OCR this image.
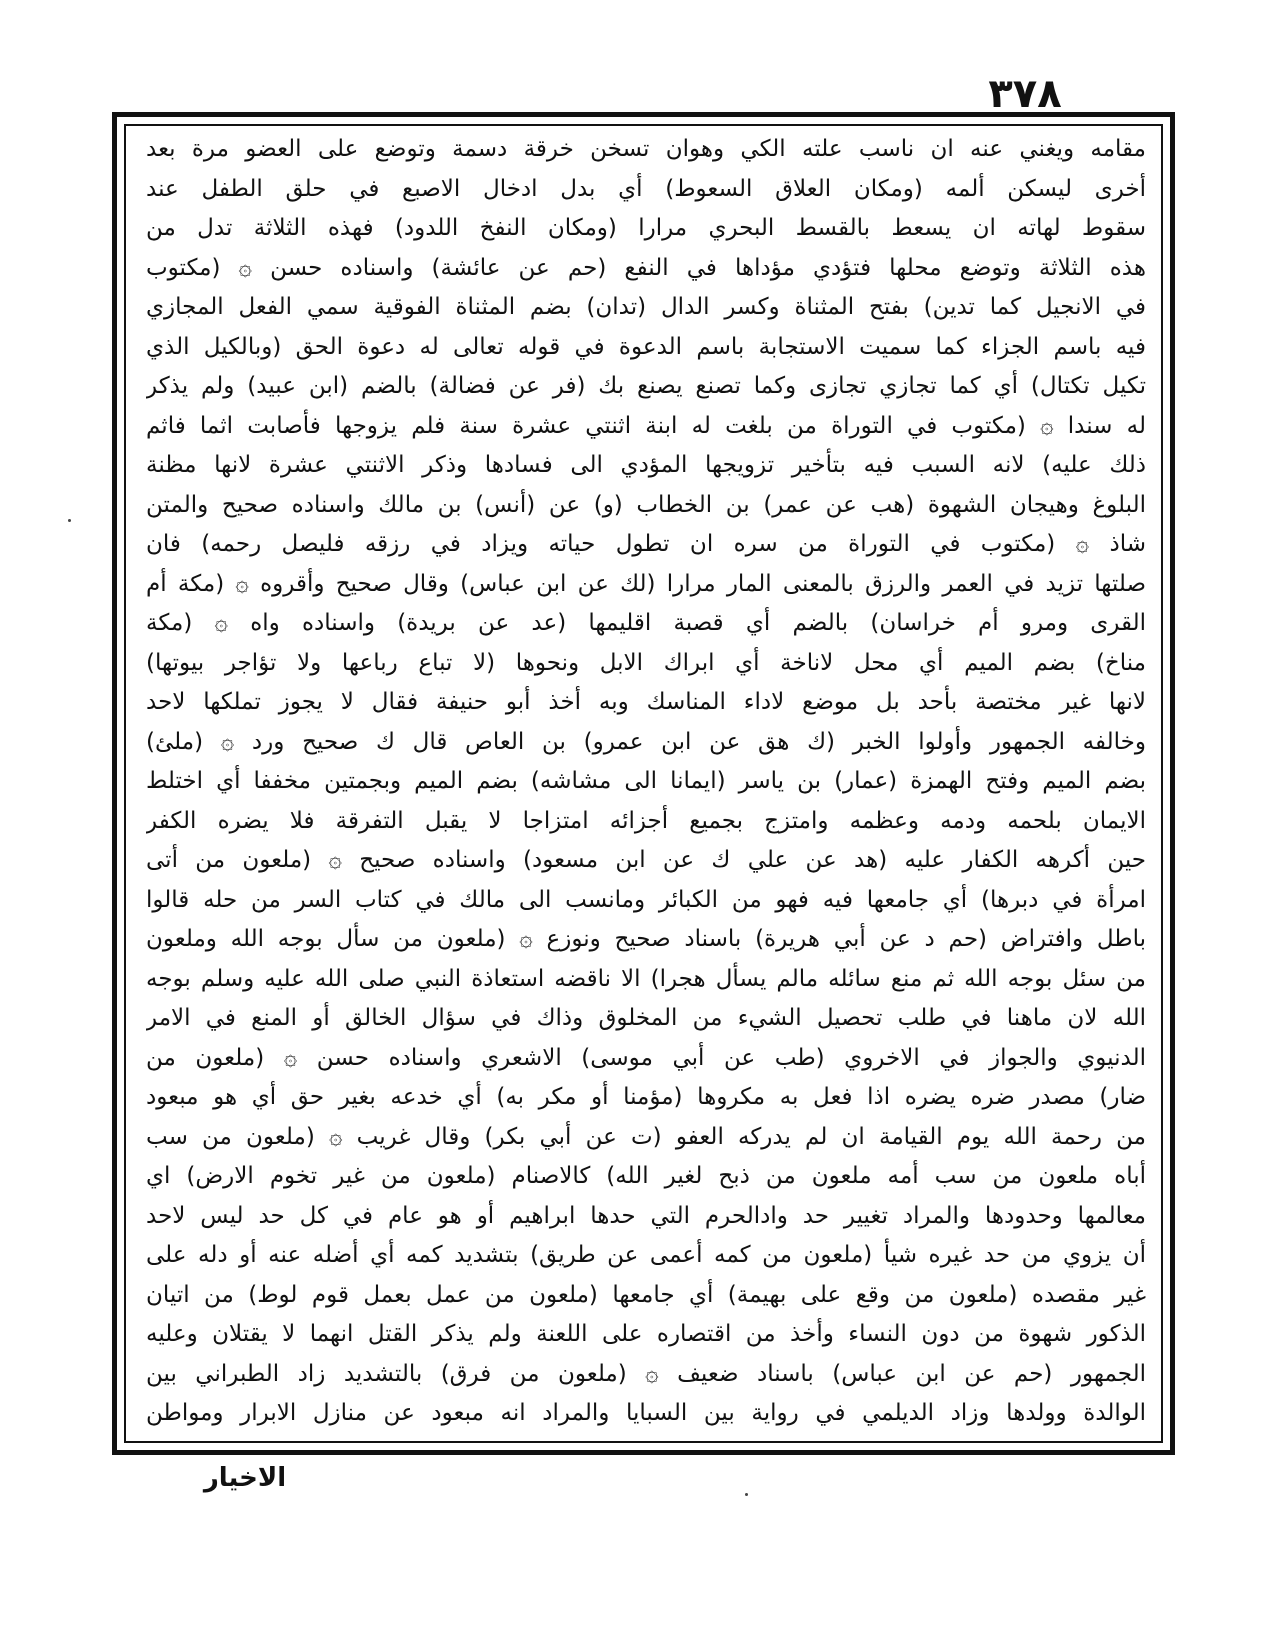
٣٧٨
مقامه ويغني عنه ان ناسب علته الكي وهوان تسخن خرقة دسمة وتوضع على العضو مرة بعد
أخرى ليسكن ألمه (ومكان العلاق السعوط) أي بدل ادخال الاصبع في حلق الطفل عند
سقوط لهاته ان يسعط بالقسط البحري مرارا (ومكان النفخ اللدود) فهذه الثلاثة تدل من
هذه الثلاثة وتوضع محلها فتؤدي مؤداها في النفع (حم عن عائشة) واسناده حسن ۞ (مكتوب
في الانجيل كما تدين) بفتح المثناة وكسر الدال (تدان) بضم المثناة الفوقية سمي الفعل المجازي
فيه باسم الجزاء كما سميت الاستجابة باسم الدعوة في قوله تعالى له دعوة الحق (وبالكيل الذي
تكيل تكتال) أي كما تجازي تجازى وكما تصنع يصنع بك (فر عن فضالة) بالضم (ابن عبيد) ولم يذكر
له سندا ۞ (مكتوب في التوراة من بلغت له ابنة اثنتي عشرة سنة فلم يزوجها فأصابت اثما فاثم
ذلك عليه) لانه السبب فيه بتأخير تزويجها المؤدي الى فسادها وذكر الاثنتي عشرة لانها مظنة
البلوغ وهيجان الشهوة (هب عن عمر) بن الخطاب (و) عن (أنس) بن مالك واسناده صحيح والمتن
شاذ ۞ (مكتوب في التوراة من سره ان تطول حياته ويزاد في رزقه فليصل رحمه) فان
صلتها تزيد في العمر والرزق بالمعنى المار مرارا (لك عن ابن عباس) وقال صحيح وأقروه ۞ (مكة أم
القرى ومرو أم خراسان) بالضم أي قصبة اقليمها (عد عن بريدة) واسناده واه ۞ (مكة
مناخ) بضم الميم أي محل لاناخة أي ابراك الابل ونحوها (لا تباع رباعها ولا تؤاجر بيوتها)
لانها غير مختصة بأحد بل موضع لاداء المناسك وبه أخذ أبو حنيفة فقال لا يجوز تملكها لاحد
وخالفه الجمهور وأولوا الخبر (ك هق عن ابن عمرو) بن العاص قال ك صحيح ورد ۞ (ملئ)
بضم الميم وفتح الهمزة (عمار) بن ياسر (ايمانا الى مشاشه) بضم الميم وبجمتين مخففا أي اختلط
الايمان بلحمه ودمه وعظمه وامتزج بجميع أجزائه امتزاجا لا يقبل التفرقة فلا يضره الكفر
حين أكرهه الكفار عليه (هد عن علي ك عن ابن مسعود) واسناده صحيح ۞ (ملعون من أتى
امرأة في دبرها) أي جامعها فيه فهو من الكبائر ومانسب الى مالك في كتاب السر من حله قالوا
باطل وافتراض (حم د عن أبي هريرة) باسناد صحيح ونوزع ۞ (ملعون من سأل بوجه الله وملعون
من سئل بوجه الله ثم منع سائله مالم يسأل هجرا) الا ناقضه استعاذة النبي صلى الله عليه وسلم بوجه
الله لان ماهنا في طلب تحصيل الشيء من المخلوق وذاك في سؤال الخالق أو المنع في الامر
الدنيوي والجواز في الاخروي (طب عن أبي موسى) الاشعري واسناده حسن ۞ (ملعون من
ضار) مصدر ضره يضره اذا فعل به مكروها (مؤمنا أو مكر به) أي خدعه بغير حق أي هو مبعود
من رحمة الله يوم القيامة ان لم يدركه العفو (ت عن أبي بكر) وقال غريب ۞ (ملعون من سب
أباه ملعون من سب أمه ملعون من ذبح لغير الله) كالاصنام (ملعون من غير تخوم الارض) اي
معالمها وحدودها والمراد تغيير حد وادالحرم التي حدها ابراهيم أو هو عام في كل حد ليس لاحد
أن يزوي من حد غيره شيأ (ملعون من كمه أعمى عن طريق) بتشديد كمه أي أضله عنه أو دله على
غير مقصده (ملعون من وقع على بهيمة) أي جامعها (ملعون من عمل بعمل قوم لوط) من اتيان
الذكور شهوة من دون النساء وأخذ من اقتصاره على اللعنة ولم يذكر القتل انهما لا يقتلان وعليه
الجمهور (حم عن ابن عباس) باسناد ضعيف ۞ (ملعون من فرق) بالتشديد زاد الطبراني بين
الوالدة وولدها وزاد الديلمي في رواية بين السبايا والمراد انه مبعود عن منازل الابرار ومواطن
الاخيار
